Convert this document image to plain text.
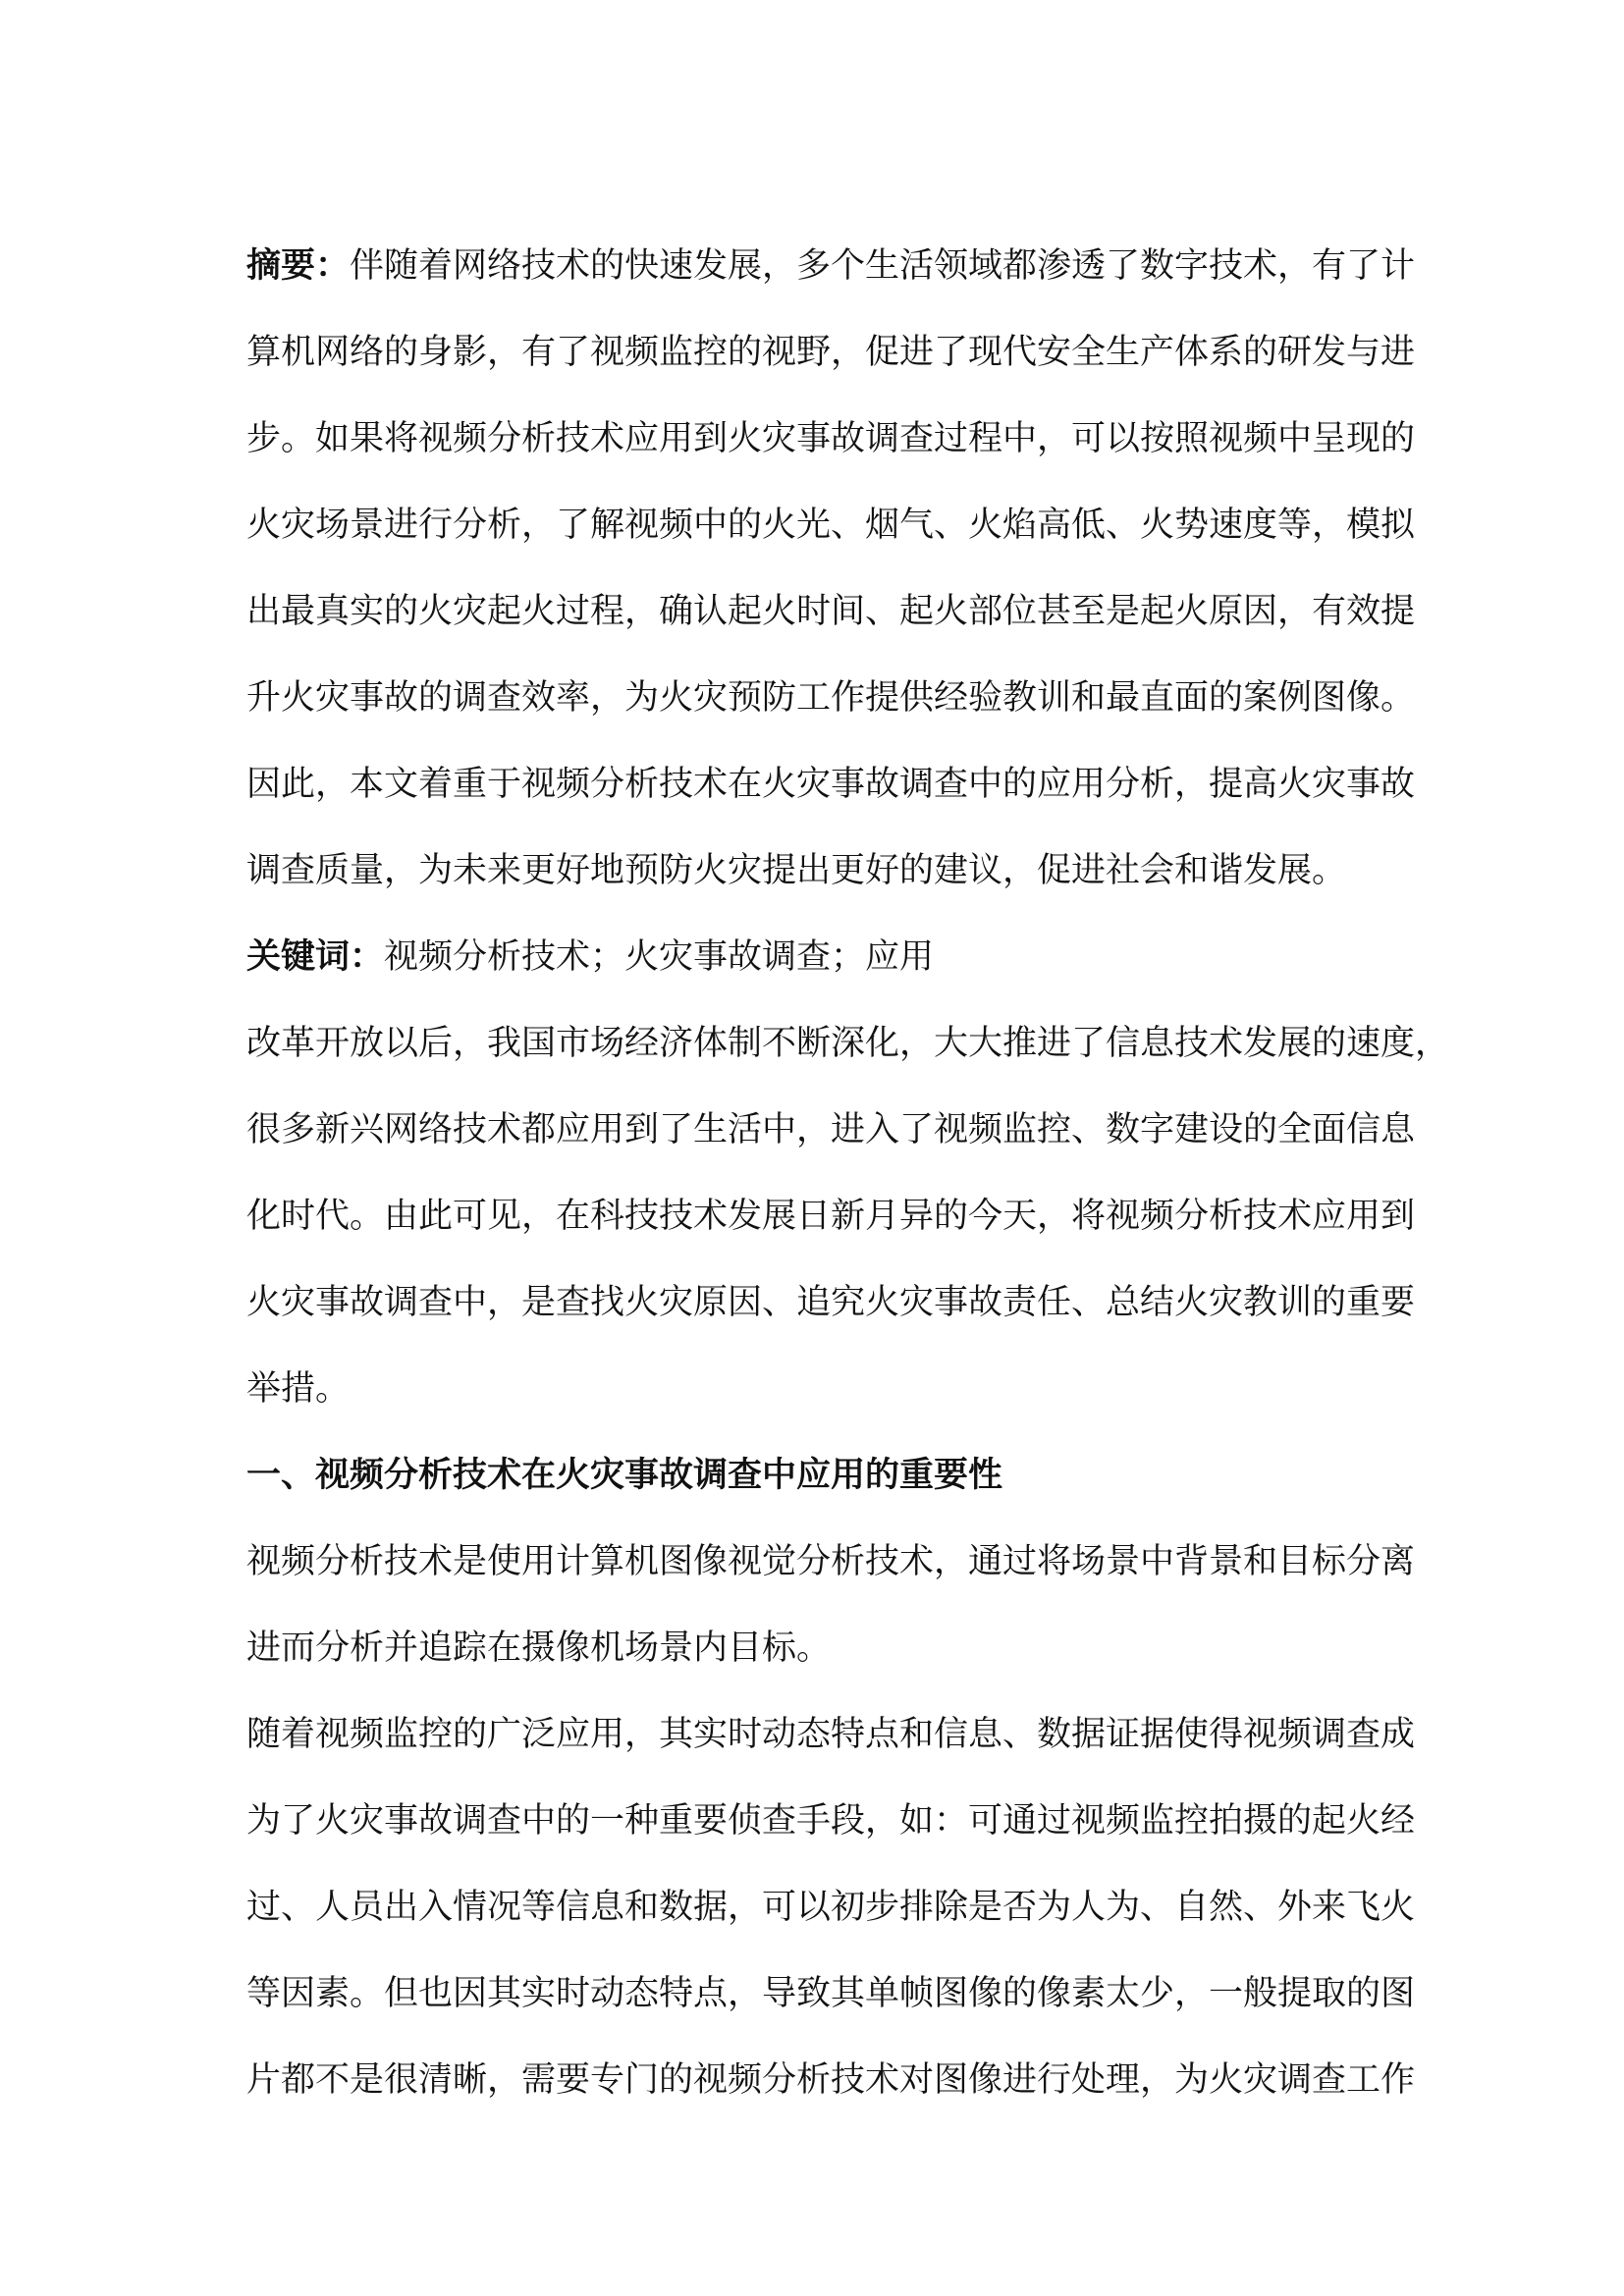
摘要：伴随着网络技术的快速发展，多个生活领域都渗透了数字技术，有了计
算机网络的身影，有了视频监控的视野，促进了现代安全生产体系的研发与进
步。如果将视频分析技术应用到火灾事故调查过程中，可以按照视频中呈现的
火灾场景进行分析，了解视频中的火光、烟气、火焰高低、火势速度等，模拟
出最真实的火灾起火过程，确认起火时间、起火部位甚至是起火原因，有效提
升火灾事故的调查效率，为火灾预防工作提供经验教训和最直面的案例图像。
因此，本文着重于视频分析技术在火灾事故调查中的应用分析，提高火灾事故
调查质量，为未来更好地预防火灾提出更好的建议，促进社会和谐发展。
关键词：视频分析技术；火灾事故调查；应用
改革开放以后，我国市场经济体制不断深化，大大推进了信息技术发展的速度，
很多新兴网络技术都应用到了生活中，进入了视频监控、数字建设的全面信息
化时代。由此可见，在科技技术发展日新月异的今天，将视频分析技术应用到
火灾事故调查中，是查找火灾原因、追究火灾事故责任、总结火灾教训的重要
举措。
一、视频分析技术在火灾事故调查中应用的重要性
视频分析技术是使用计算机图像视觉分析技术，通过将场景中背景和目标分离
进而分析并追踪在摄像机场景内目标。
随着视频监控的广泛应用，其实时动态特点和信息、数据证据使得视频调查成
为了火灾事故调查中的一种重要侦查手段，如：可通过视频监控拍摄的起火经
过、人员出入情况等信息和数据，可以初步排除是否为人为、自然、外来飞火
等因素。但也因其实时动态特点，导致其单帧图像的像素太少，一般提取的图
片都不是很清晰，需要专门的视频分析技术对图像进行处理，为火灾调查工作
